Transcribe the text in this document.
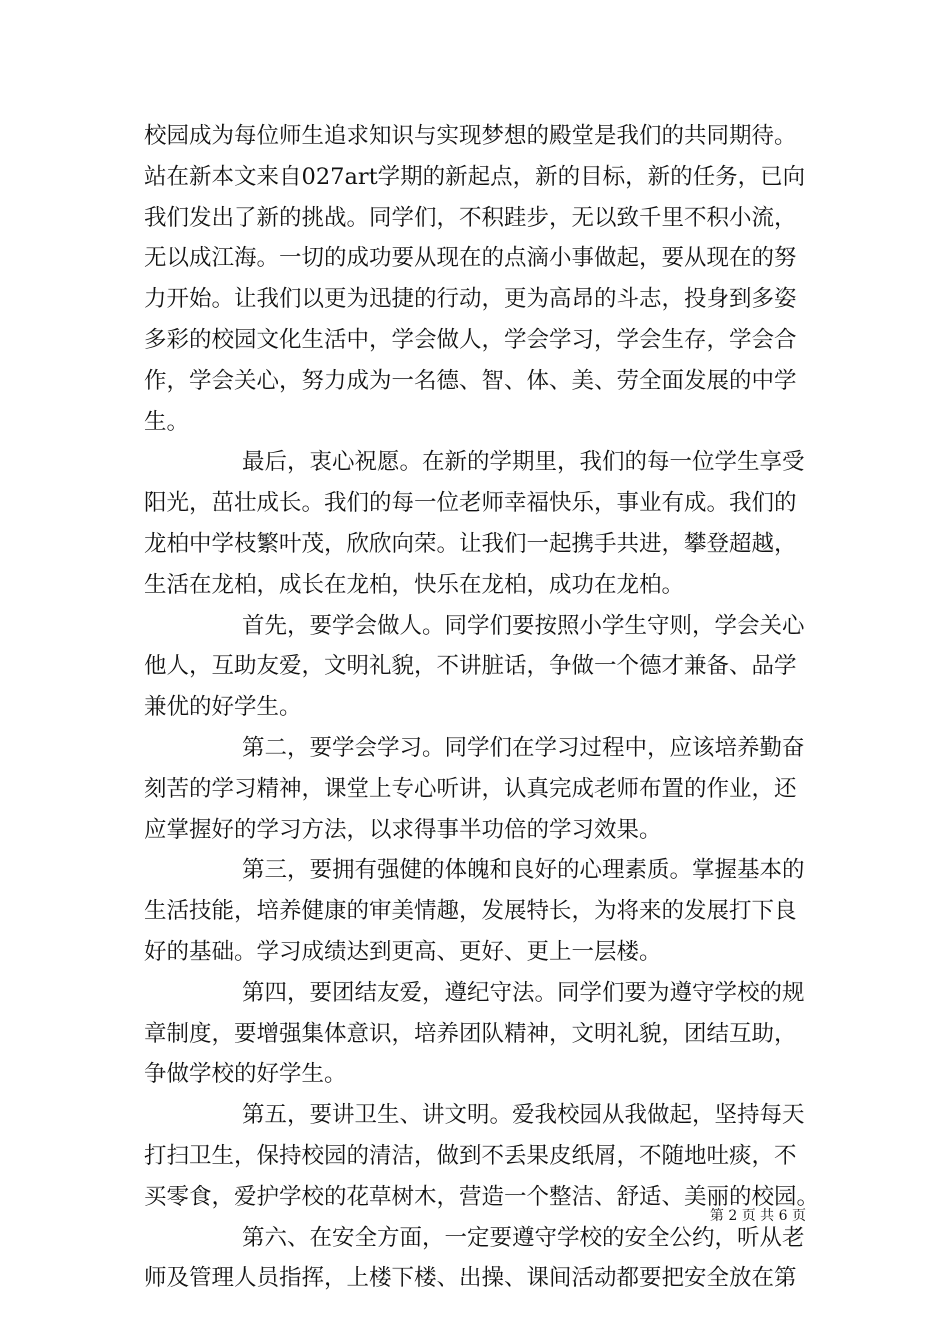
校园成为每位师生追求知识与实现梦想的殿堂是我们的共同期待。
站在新本文来自027art学期的新起点，新的目标，新的任务，已向
我们发出了新的挑战。同学们，不积跬步，无以致千里不积小流，
无以成江海。一切的成功要从现在的点滴小事做起，要从现在的努
力开始。让我们以更为迅捷的行动，更为高昂的斗志，投身到多姿
多彩的校园文化生活中，学会做人，学会学习，学会生存，学会合
作，学会关心，努力成为一名德、智、体、美、劳全面发展的中学
生。
最后，衷心祝愿。在新的学期里，我们的每一位学生享受
阳光，茁壮成长。我们的每一位老师幸福快乐，事业有成。我们的
龙柏中学枝繁叶茂，欣欣向荣。让我们一起携手共进，攀登超越，
生活在龙柏，成长在龙柏，快乐在龙柏，成功在龙柏。
首先，要学会做人。同学们要按照小学生守则，学会关心
他人，互助友爱，文明礼貌，不讲脏话，争做一个德才兼备、品学
兼优的好学生。
第二，要学会学习。同学们在学习过程中，应该培养勤奋
刻苦的学习精神，课堂上专心听讲，认真完成老师布置的作业，还
应掌握好的学习方法，以求得事半功倍的学习效果。
第三，要拥有强健的体魄和良好的心理素质。掌握基本的
生活技能，培养健康的审美情趣，发展特长，为将来的发展打下良
好的基础。学习成绩达到更高、更好、更上一层楼。
第四，要团结友爱，遵纪守法。同学们要为遵守学校的规
章制度，要增强集体意识，培养团队精神，文明礼貌，团结互助，
争做学校的好学生。
第五，要讲卫生、讲文明。爱我校园从我做起，坚持每天
打扫卫生，保持校园的清洁，做到不丢果皮纸屑，不随地吐痰，不
买零食，爱护学校的花草树木，营造一个整洁、舒适、美丽的校园。
第六、在安全方面，一定要遵守学校的安全公约，听从老
师及管理人员指挥，上楼下楼、出操、课间活动都要把安全放在第
第 2 页 共 6 页
